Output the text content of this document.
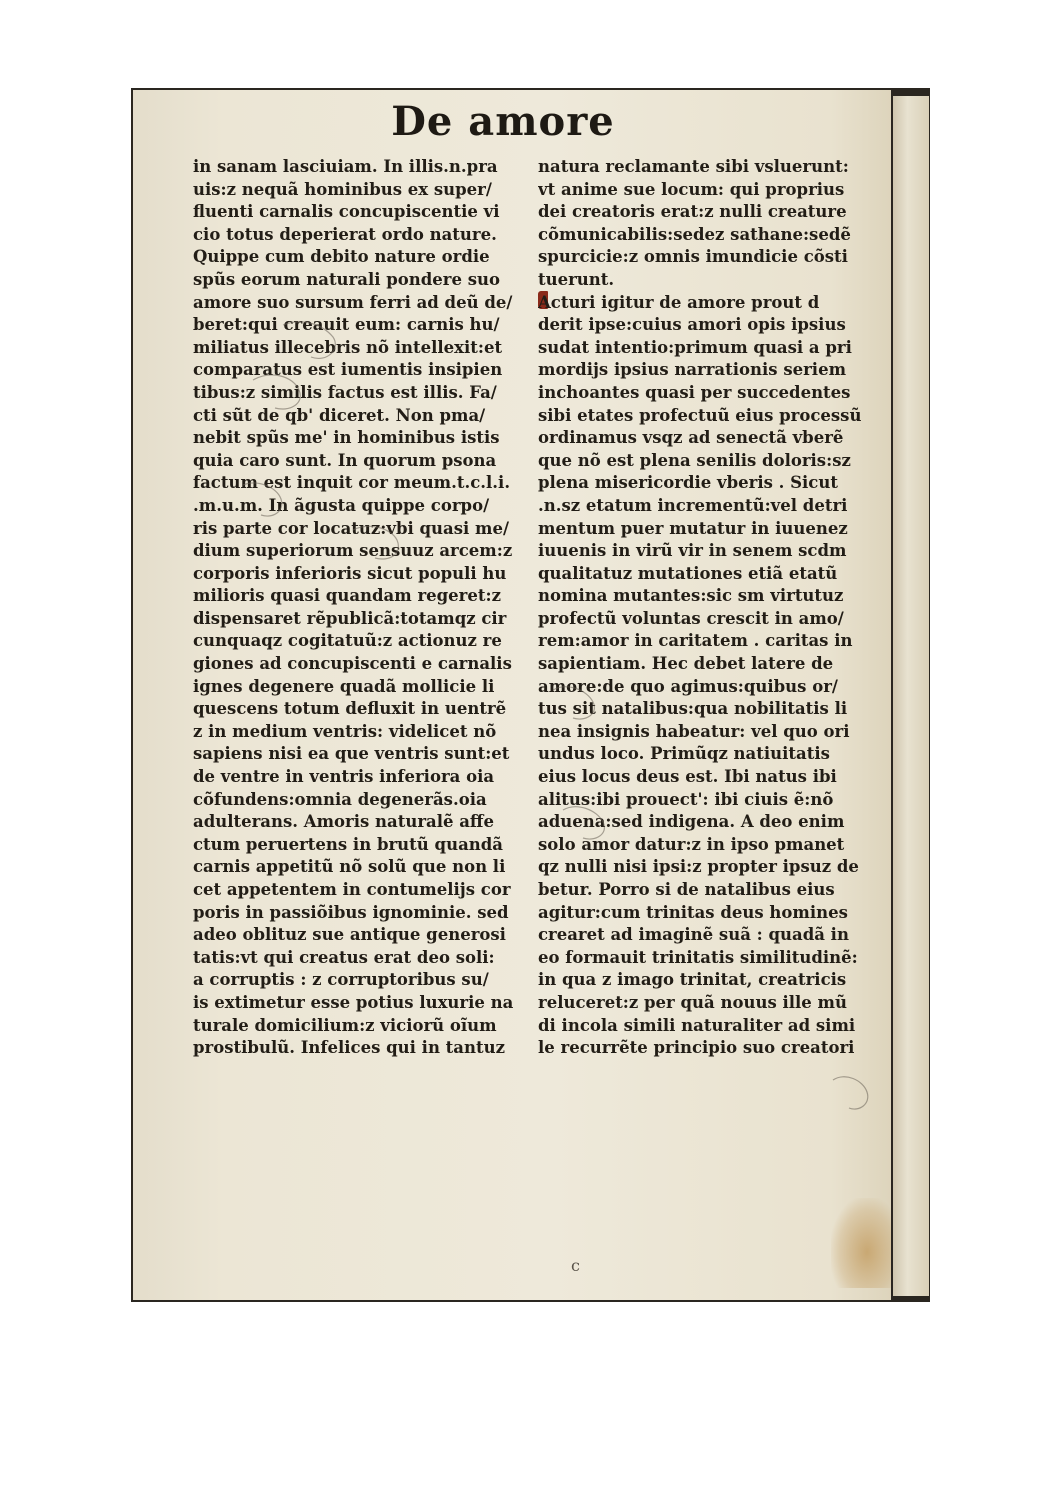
De amore
in sanam lasciuiam. In illis.n.pra
uis:z nequã hominibus ex super/
fluenti carnalis concupiscentie vi
cio totus deperierat ordo nature.
Quippe cum debito nature ordie
spũs eorum naturali pondere suo
amore suo sursum ferri ad deũ de/
beret:qui creauit eum: carnis hu/
miliatus illecebris nõ intellexit:et
comparatus est iumentis insipien
tibus:z similis factus est illis. Fa/
cti sũt de qb' diceret. Non pma/
nebit spũs me' in hominibus istis
quia caro sunt. In quorum psona
factum est inquit cor meum.t.c.l.i.
.m.u.m. In ãgusta quippe corpo/
ris parte cor locatuz:vbi quasi me/
dium superiorum sensuuz arcem:z
corporis inferioris sicut populi hu
milioris quasi quandam regeret:z
dispensaret rẽpublicã:totamqz cir
cunquaqz cogitatuũ:z actionuz re
giones ad concupiscenti e carnalis
ignes degenere quadã mollicie li
quescens totum defluxit in uentrẽ
z in medium ventris: videlicet nõ
sapiens nisi ea que ventris sunt:et
de ventre in ventris inferiora oia
cõfundens:omnia degenerãs.oia
adulterans. Amoris naturalẽ affe
ctum peruertens in brutũ quandã
carnis appetitũ nõ solũ que non li
cet appetentem in contumelijs cor
poris in passiõibus ignominie. sed
adeo oblituz sue antique generosi
tatis:vt qui creatus erat deo soli:
a corruptis : z corruptoribus su/
is extimetur esse potius luxurie na
turale domicilium:z viciorũ oĩum
prostibulũ. Infelices qui in tantuz
natura reclamante sibi vsluerunt:
vt anime sue locum: qui proprius
dei creatoris erat:z nulli creature
cõmunicabilis:sedez sathane:sedẽ
spurcicie:z omnis imundicie cõsti
tuerunt.
Acturi igitur de amore prout d
derit ipse:cuius amori opis ipsius
sudat intentio:primum quasi a pri
mordijs ipsius narrationis seriem
inchoantes quasi per succedentes
sibi etates profectuũ eius processũ
ordinamus vsqz ad senectã vberẽ
que nõ est plena senilis doloris:sz
plena misericordie vberis . Sicut
.n.sz etatum incrementũ:vel detri
mentum puer mutatur in iuuenez
iuuenis in virũ vir in senem scdm
qualitatuz mutationes etiã etatũ
nomina mutantes:sic sm virtutuz
profectũ voluntas crescit in amo/
rem:amor in caritatem . caritas in
sapientiam. Hec debet latere de
amore:de quo agimus:quibus or/
tus sit natalibus:qua nobilitatis li
nea insignis habeatur: vel quo ori
undus loco. Primũqz natiuitatis
eius locus deus est. Ibi natus ibi
alitus:ibi prouect': ibi ciuis ẽ:nõ
aduena:sed indigena. A deo enim
solo amor datur:z in ipso pmanet
qz nulli nisi ipsi:z propter ipsuz de
betur. Porro si de natalibus eius
agitur:cum trinitas deus homines
crearet ad imaginẽ suã : quadã in
eo formauit trinitatis similitudinẽ:
in qua z imago trinitat, creatricis
reluceret:z per quã nouus ille mũ
di incola simili naturaliter ad simi
le recurrẽte principio suo creatori
c
